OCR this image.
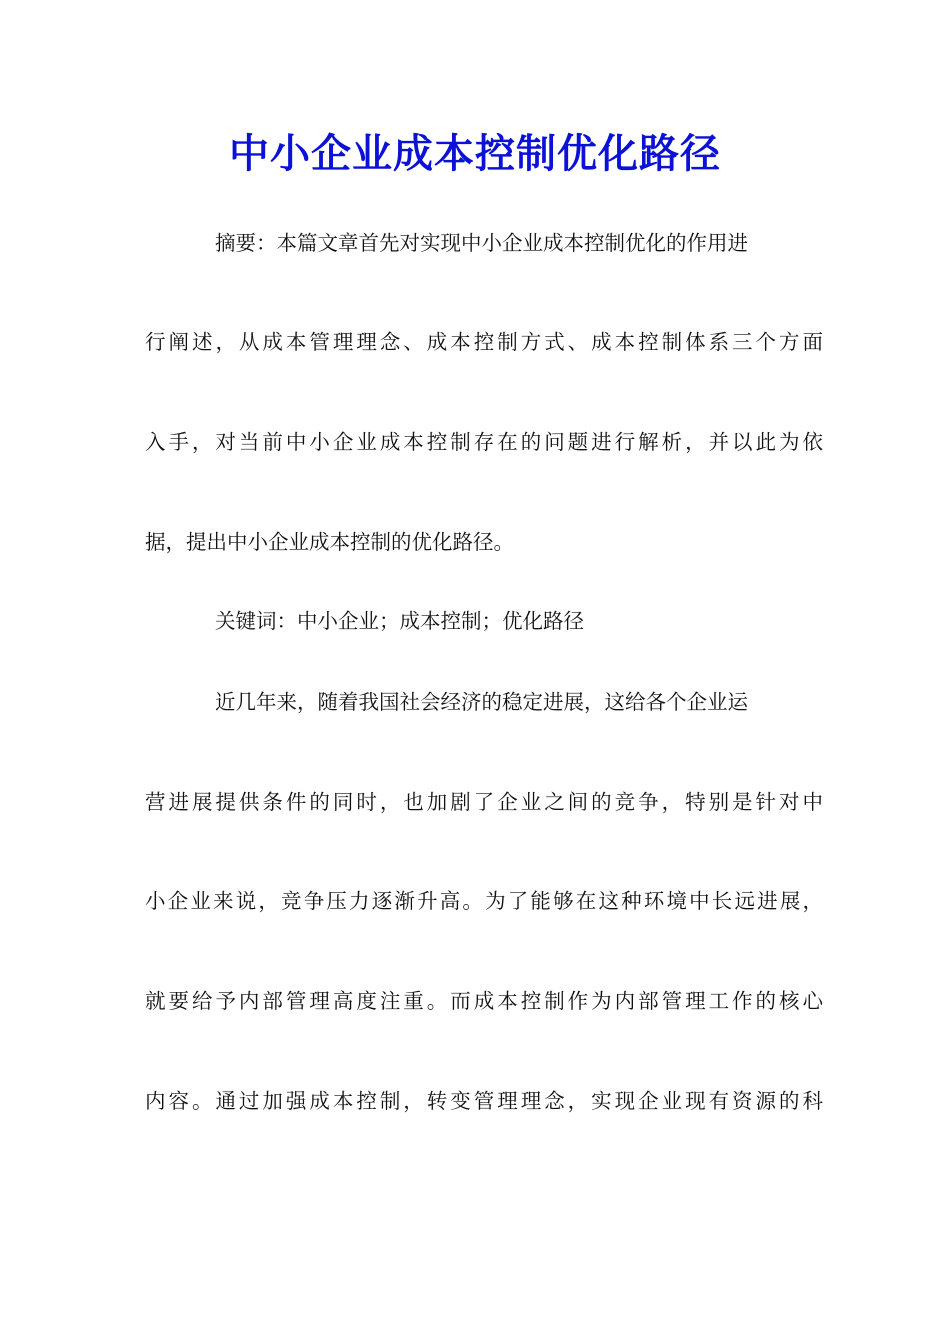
中小企业成本控制优化路径

摘要：本篇文章首先对实现中小企业成本控制优化的作用进

行阐述，从成本管理理念、成本控制方式、成本控制体系三个方面

入手，对当前中小企业成本控制存在的问题进行解析，并以此为依

据，提出中小企业成本控制的优化路径。

关键词：中小企业；成本控制；优化路径

近几年来，随着我国社会经济的稳定进展，这给各个企业运

营进展提供条件的同时，也加剧了企业之间的竞争，特别是针对中

小企业来说，竞争压力逐渐升高。为了能够在这种环境中长远进展，

就要给予内部管理高度注重。而成本控制作为内部管理工作的核心

内容。通过加强成本控制，转变管理理念，实现企业现有资源的科
